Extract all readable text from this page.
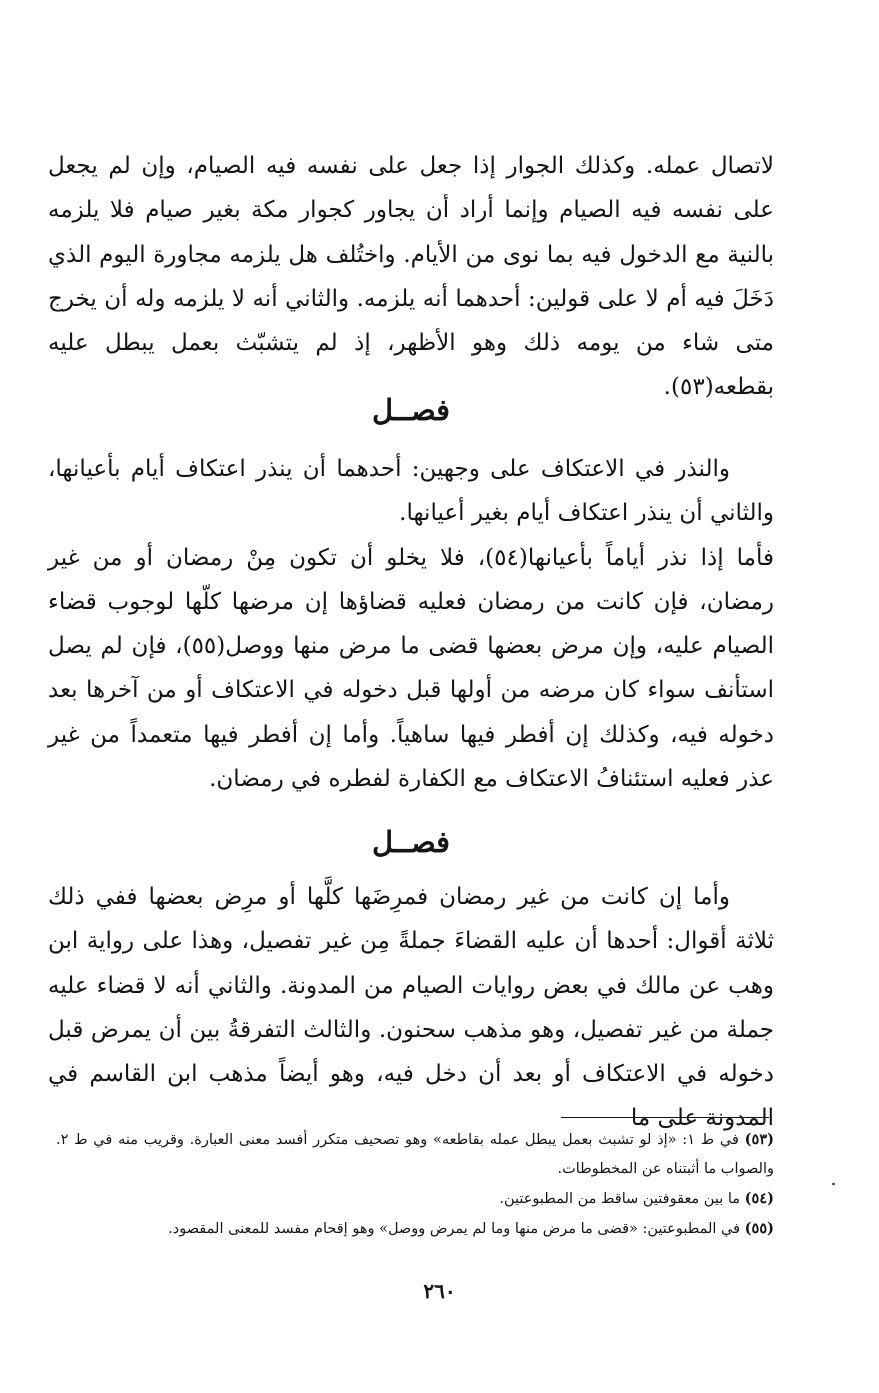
لاتصال عمله. وكذلك الجوار إذا جعل على نفسه فيه الصيام، وإن لم يجعل على نفسه فيه الصيام وإنما أراد أن يجاور كجوار مكة بغير صيام فلا يلزمه بالنية مع الدخول فيه بما نوى من الأيام. واختُلف هل يلزمه مجاورة اليوم الذي دَخَلَ فيه أم لا على قولين: أحدهما أنه يلزمه. والثاني أنه لا يلزمه وله أن يخرج متى شاء من يومه ذلك وهو الأظهر، إذ لم يتشبّث بعمل يبطل عليه بقطعه(٥٣).

فصــل

والنذر في الاعتكاف على وجهين: أحدهما أن ينذر اعتكاف أيام بأعيانها، والثاني أن ينذر اعتكاف أيام بغير أعيانها.

فأما إذا نذر أياماً بأعيانها(٥٤)، فلا يخلو أن تكون مِنْ رمضان أو من غير رمضان، فإن كانت من رمضان فعليه قضاؤها إن مرضها كلّها لوجوب قضاء الصيام عليه، وإن مرض بعضها قضى ما مرض منها ووصل(٥٥)، فإن لم يصل استأنف سواء كان مرضه من أولها قبل دخوله في الاعتكاف أو من آخرها بعد دخوله فيه، وكذلك إن أفطر فيها ساهياً. وأما إن أفطر فيها متعمداً من غير عذر فعليه استئنافُ الاعتكاف مع الكفارة لفطره في رمضان.

فصــل

وأما إن كانت من غير رمضان فمرِضَها كلَّها أو مرِض بعضها ففي ذلك ثلاثة أقوال: أحدها أن عليه القضاءَ جملةً مِن غير تفصيل، وهذا على رواية ابن وهب عن مالك في بعض روايات الصيام من المدونة. والثاني أنه لا قضاء عليه جملة من غير تفصيل، وهو مذهب سحنون. والثالث التفرقةُ بين أن يمرض قبل دخوله في الاعتكاف أو بعد أن دخل فيه، وهو أيضاً مذهب ابن القاسم في المدونة على ما

(٥٣) في ط ١: «إذ لو تشبث بعمل يبطل عمله بقاطعه» وهو تصحيف متكرر أفسد معنى العبارة. وقريب منه في ط ٢. والصواب ما أثبتناه عن المخطوطات.

(٥٤) ما بين معقوفتين ساقط من المطبوعتين.

(٥٥) في المطبوعتين: «قضى ما مرض منها وما لم يمرض ووصل» وهو إقحام مفسد للمعنى المقصود.

٢٦٠
